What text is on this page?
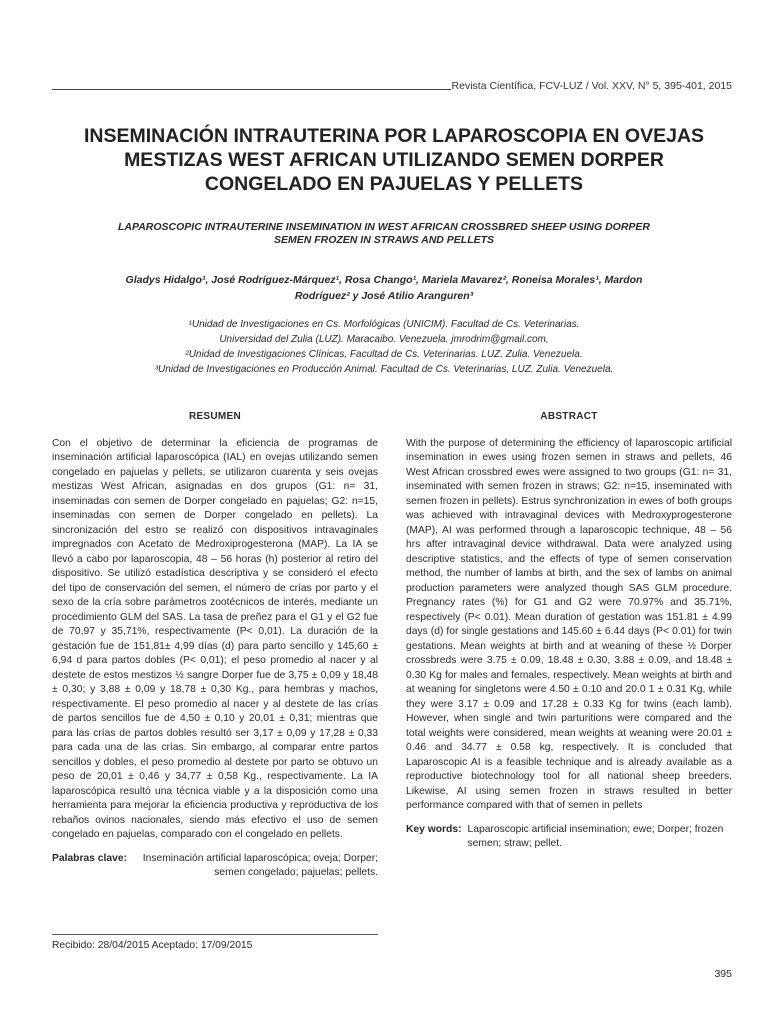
Revista Científica, FCV-LUZ / Vol. XXV, N° 5, 395-401, 2015
INSEMINACIÓN INTRAUTERINA POR LAPAROSCOPIA EN OVEJAS MESTIZAS WEST AFRICAN UTILIZANDO SEMEN DORPER CONGELADO EN PAJUELAS Y PELLETS
LAPAROSCOPIC INTRAUTERINE INSEMINATION IN WEST AFRICAN CROSSBRED SHEEP USING DORPER SEMEN FROZEN IN STRAWS AND PELLETS
Gladys Hidalgo¹, José Rodríguez-Márquez¹, Rosa Chango¹, Mariela Mavarez², Roneisa Morales¹, Mardon Rodríguez² y José Atilio Aranguren³
¹Unidad de Investigaciones en Cs. Morfológicas (UNICIM). Facultad de Cs. Veterinarias.
Universidad del Zulia (LUZ). Maracaibo. Venezuela. jmrodrim@gmail.com,
²Unidad de Investigaciones Clínicas, Facultad de Cs. Veterinarias. LUZ. Zulia. Venezuela.
³Unidad de Investigaciones en Producción Animal. Facultad de Cs. Veterinarias, LUZ. Zulia. Venezuela.
RESUMEN

Con el objetivo de determinar la eficiencia de programas de inseminación artificial laparoscópica (IAL) en ovejas utilizando semen congelado en pajuelas y pellets, se utilizaron cuarenta y seis ovejas mestizas West African, asignadas en dos grupos (G1: n= 31, inseminadas con semen de Dorper congelado en pajuelas; G2: n=15, inseminadas con semen de Dorper congelado en pellets). La sincronización del estro se realizó con dispositivos intravaginales impregnados con Acetato de Medroxiprogesterona (MAP). La IA se llevó a cabo por laparoscopia, 48 – 56 horas (h) posterior al retiro del dispositivo. Se utilizó estadística descriptiva y se consideró el efecto del tipo de conservación del semen, el número de crías por parto y el sexo de la cría sobre parámetros zootécnicos de interés, mediante un procedimiento GLM del SAS. La tasa de preñez para el G1 y el G2 fue de 70,97 y 35,71%, respectivamente (P< 0,01). La duración de la gestación fue de 151,81± 4,99 días (d) para parto sencillo y 145,60 ± 6,94 d para partos dobles (P< 0,01); el peso promedio al nacer y al destete de estos mestizos ½ sangre Dorper fue de 3,75 ± 0,09 y 18,48 ± 0,30; y 3,88 ± 0,09 y 18,78 ± 0,30 Kg., para hembras y machos, respectivamente. El peso promedio al nacer y al destete de las crías de partos sencillos fue de 4,50 ± 0,10 y 20,01 ± 0,31; mientras que para las crías de partos dobles resultó ser 3,17 ± 0,09 y 17,28 ± 0,33 para cada una de las crías. Sin embargo, al comparar entre partos sencillos y dobles, el peso promedio al destete por parto se obtuvo un peso de 20,01 ± 0,46 y 34,77 ± 0,58 Kg., respectivamente. La IA laparoscópica resultó una técnica viable y a la disposición como una herramienta para mejorar la eficiencia productiva y reproductiva de los rebaños ovinos nacionales, siendo más efectivo el uso de semen congelado en pajuelas, comparado con el congelado en pellets.

Palabras clave:	Inseminación artificial laparoscópica; oveja; Dorper; semen congelado; pajuelas; pellets.
ABSTRACT

With the purpose of determining the efficiency of laparoscopic artificial insemination in ewes using frozen semen in straws and pellets, 46 West African crossbred ewes were assigned to two groups (G1: n= 31, inseminated with semen frozen in straws; G2: n=15, inseminated with semen frozen in pellets). Estrus synchronization in ewes of both groups was achieved with intravaginal devices with Medroxyprogesterone (MAP), AI was performed through a laparoscopic technique, 48 – 56 hrs after intravaginal device withdrawal. Data were analyzed using descriptive statistics, and the effects of type of semen conservation method, the number of lambs at birth, and the sex of lambs on animal production parameters were analyzed though SAS GLM procedure. Pregnancy rates (%) for G1 and G2 were 70.97% and 35.71%, respectively (P< 0.01). Mean duration of gestation was 151.81 ± 4.99 days (d) for single gestations and 145.60 ± 6.44 days (P< 0.01) for twin gestations. Mean weights at birth and at weaning of these ½ Dorper crossbreds were 3.75 ± 0.09, 18.48 ± 0.30, 3.88 ± 0.09, and 18.48 ± 0.30 Kg for males and females, respectively. Mean weights at birth and at weaning for singletons were 4.50 ± 0.10 and 20.0 1 ± 0.31 Kg, while they were 3.17 ± 0.09 and 17.28 ± 0.33 Kg for twins (each lamb). However, when single and twin parturitions were compared and the total weights were considered, mean weights at weaning were 20.01 ± 0.46 and 34.77 ± 0.58 kg, respectively. It is concluded that Laparoscopic AI is a feasible technique and is already available as a reproductive biotechnology tool for all national sheep breeders. Likewise, AI using semen frozen in straws resulted in better performance compared with that of semen in pellets

Key words: Laparoscopic artificial insemination; ewe; Dorper; frozen semen; straw; pellet.
Recibido: 28/04/2015 Aceptado: 17/09/2015
395
